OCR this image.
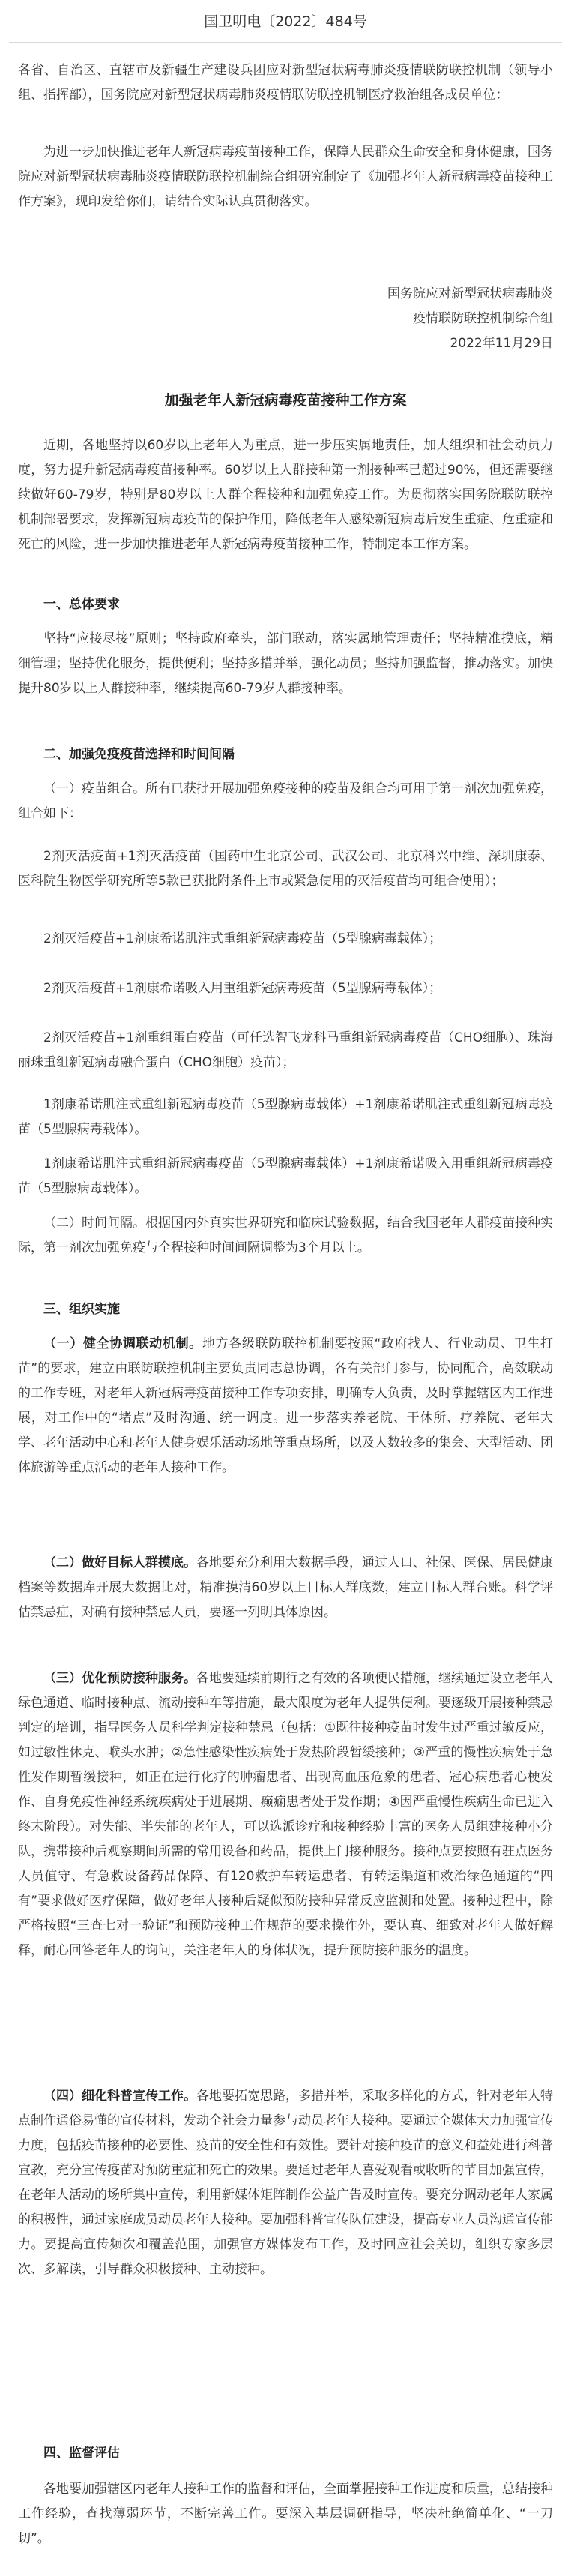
国卫明电〔2022〕484号

各省、自治区、直辖市及新疆生产建设兵团应对新型冠状病毒肺炎疫情联防联控机制（领导小组、指挥部），国务院应对新型冠状病毒肺炎疫情联防联控机制医疗救治组各成员单位：

为进一步加快推进老年人新冠病毒疫苗接种工作，保障人民群众生命安全和身体健康，国务院应对新型冠状病毒肺炎疫情联防联控机制综合组研究制定了《加强老年人新冠病毒疫苗接种工作方案》，现印发给你们，请结合实际认真贯彻落实。

国务院应对新型冠状病毒肺炎
疫情联防联控机制综合组
2022年11月29日
加强老年人新冠病毒疫苗接种工作方案

近期，各地坚持以60岁以上老年人为重点，进一步压实属地责任，加大组织和社会动员力度，努力提升新冠病毒疫苗接种率。60岁以上人群接种第一剂接种率已超过90%，但还需要继续做好60-79岁，特别是80岁以上人群全程接种和加强免疫工作。为贯彻落实国务院联防联控机制部署要求，发挥新冠病毒疫苗的保护作用，降低老年人感染新冠病毒后发生重症、危重症和死亡的风险，进一步加快推进老年人新冠病毒疫苗接种工作，特制定本工作方案。

一、总体要求

坚持“应接尽接”原则；坚持政府牵头，部门联动，落实属地管理责任；坚持精准摸底，精细管理；坚持优化服务，提供便利；坚持多措并举，强化动员；坚持加强监督，推动落实。加快提升80岁以上人群接种率，继续提高60-79岁人群接种率。

二、加强免疫疫苗选择和时间间隔

（一）疫苗组合。所有已获批开展加强免疫接种的疫苗及组合均可用于第一剂次加强免疫，组合如下：

2剂灭活疫苗+1剂灭活疫苗（国药中生北京公司、武汉公司、北京科兴中维、深圳康泰、医科院生物医学研究所等5款已获批附条件上市或紧急使用的灭活疫苗均可组合使用）；

2剂灭活疫苗+1剂康希诺肌注式重组新冠病毒疫苗（5型腺病毒载体）；

2剂灭活疫苗+1剂康希诺吸入用重组新冠病毒疫苗（5型腺病毒载体）；

2剂灭活疫苗+1剂重组蛋白疫苗（可任选智飞龙科马重组新冠病毒疫苗（CHO细胞）、珠海丽珠重组新冠病毒融合蛋白（CHO细胞）疫苗）；

1剂康希诺肌注式重组新冠病毒疫苗（5型腺病毒载体）+1剂康希诺肌注式重组新冠病毒疫苗（5型腺病毒载体）。

1剂康希诺肌注式重组新冠病毒疫苗（5型腺病毒载体）+1剂康希诺吸入用重组新冠病毒疫苗（5型腺病毒载体）。

（二）时间间隔。根据国内外真实世界研究和临床试验数据，结合我国老年人群疫苗接种实际，第一剂次加强免疫与全程接种时间间隔调整为3个月以上。

三、组织实施

（一）健全协调联动机制。地方各级联防联控机制要按照“政府找人、行业动员、卫生打苗”的要求，建立由联防联控机制主要负责同志总协调，各有关部门参与，协同配合，高效联动的工作专班，对老年人新冠病毒疫苗接种工作专项安排，明确专人负责，及时掌握辖区内工作进展，对工作中的“堵点”及时沟通、统一调度。进一步落实养老院、干休所、疗养院、老年大学、老年活动中心和老年人健身娱乐活动场地等重点场所，以及人数较多的集会、大型活动、团体旅游等重点活动的老年人接种工作。

（二）做好目标人群摸底。各地要充分利用大数据手段，通过人口、社保、医保、居民健康档案等数据库开展大数据比对，精准摸清60岁以上目标人群底数，建立目标人群台账。科学评估禁忌症，对确有接种禁忌人员，要逐一列明具体原因。

（三）优化预防接种服务。各地要延续前期行之有效的各项便民措施，继续通过设立老年人绿色通道、临时接种点、流动接种车等措施，最大限度为老年人提供便利。要逐级开展接种禁忌判定的培训，指导医务人员科学判定接种禁忌（包括：①既往接种疫苗时发生过严重过敏反应，如过敏性休克、喉头水肿；②急性感染性疾病处于发热阶段暂缓接种；③严重的慢性疾病处于急性发作期暂缓接种，如正在进行化疗的肿瘤患者、出现高血压危象的患者、冠心病患者心梗发作、自身免疫性神经系统疾病处于进展期、癫痫患者处于发作期；④因严重慢性疾病生命已进入终末阶段）。对失能、半失能的老年人，可以选派诊疗和接种经验丰富的医务人员组建接种小分队，携带接种后观察期间所需的常用设备和药品，提供上门接种服务。接种点要按照有驻点医务人员值守、有急救设备药品保障、有120救护车转运患者、有转运渠道和救治绿色通道的“四有”要求做好医疗保障，做好老年人接种后疑似预防接种异常反应监测和处置。接种过程中，除严格按照“三查七对一验证”和预防接种工作规范的要求操作外，要认真、细致对老年人做好解释，耐心回答老年人的询问，关注老年人的身体状况，提升预防接种服务的温度。

（四）细化科普宣传工作。各地要拓宽思路，多措并举，采取多样化的方式，针对老年人特点制作通俗易懂的宣传材料，发动全社会力量参与动员老年人接种。要通过全媒体大力加强宣传力度，包括疫苗接种的必要性、疫苗的安全性和有效性。要针对接种疫苗的意义和益处进行科普宣教，充分宣传疫苗对预防重症和死亡的效果。要通过老年人喜爱观看或收听的节目加强宣传，在老年人活动的场所集中宣传，利用新媒体矩阵制作公益广告及时宣传。要充分调动老年人家属的积极性，通过家庭成员动员老年人接种。要加强科普宣传队伍建设，提高专业人员沟通宣传能力。要提高宣传频次和覆盖范围，加强官方媒体发布工作，及时回应社会关切，组织专家多层次、多解读，引导群众积极接种、主动接种。

四、监督评估

各地要加强辖区内老年人接种工作的监督和评估，全面掌握接种工作进度和质量，总结接种工作经验，查找薄弱环节，不断完善工作。要深入基层调研指导，坚决杜绝简单化、“一刀切”。
